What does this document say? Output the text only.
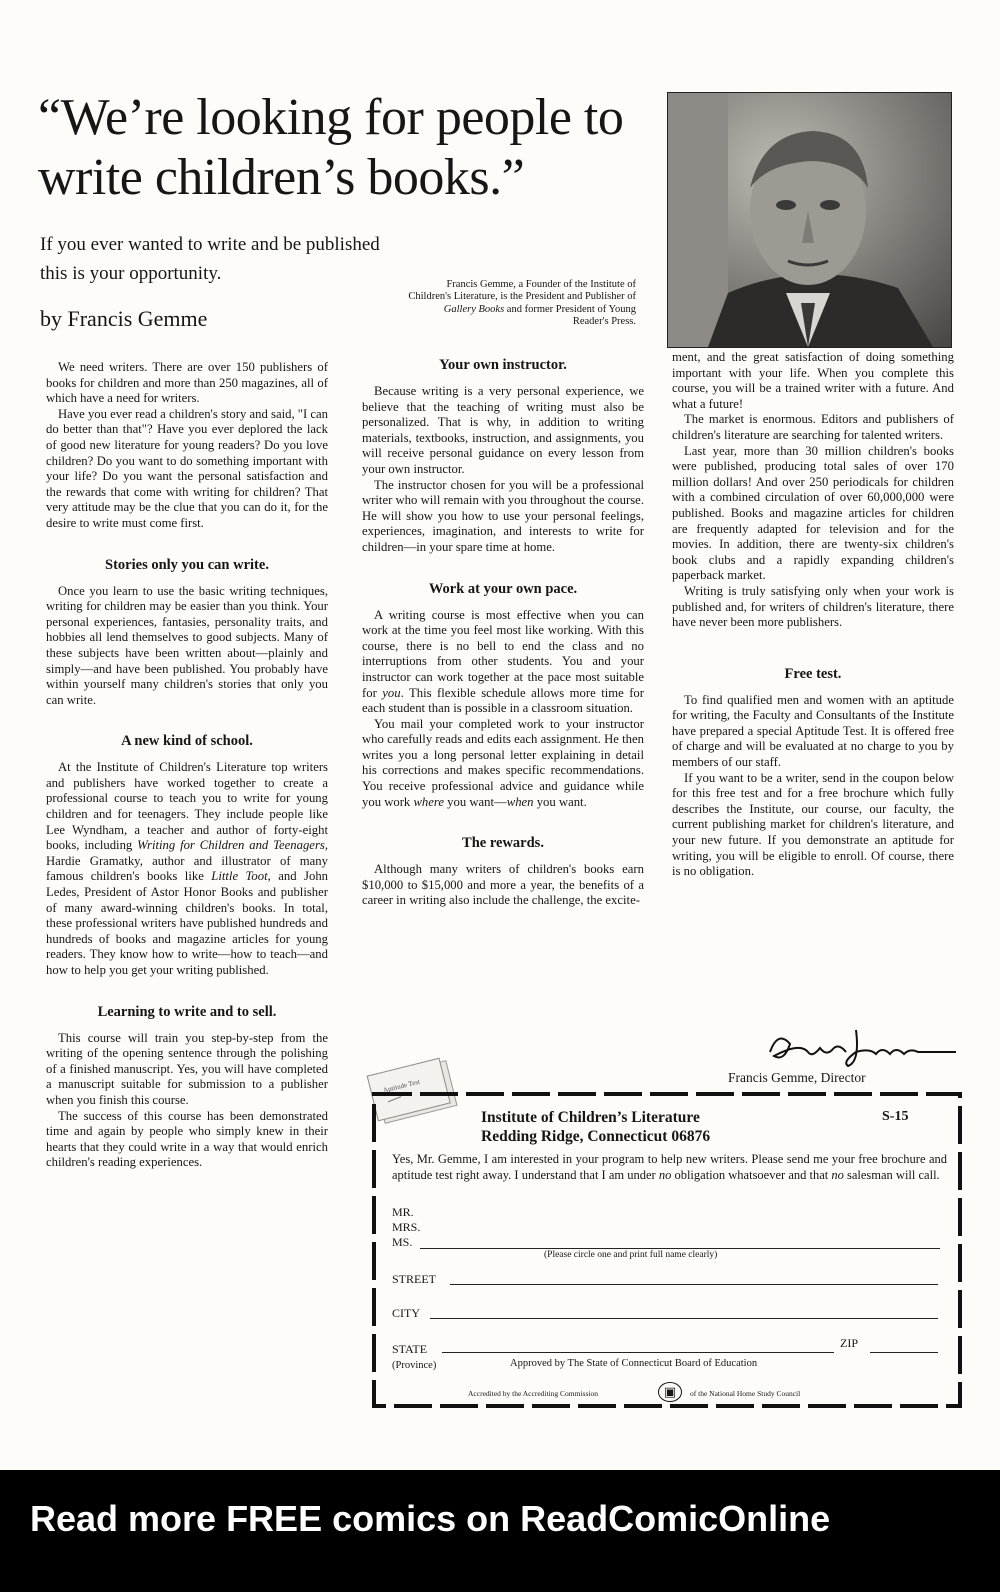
“We’re looking for people to write children’s books.”
If you ever wanted to write and be published this is your opportunity.
by Francis Gemme
Francis Gemme, a Founder of the Institute of Children's Literature, is the President and Publisher of Gallery Books and former President of Young Reader's Press.

We need writers. There are over 150 publishers of books for children and more than 250 magazines, all of which have a need for writers.

Have you ever read a children's story and said, "I can do better than that"? Have you ever deplored the lack of good new literature for young readers? Do you love children? Do you want to do something important with your life? Do you want the personal satisfaction and the rewards that come with writing for children? That very attitude may be the clue that you can do it, for the desire to write must come first.

Stories only you can write.

Once you learn to use the basic writing techniques, writing for children may be easier than you think. Your personal experiences, fantasies, personality traits, and hobbies all lend themselves to good subjects. Many of these subjects have been written about—plainly and simply—and have been published. You probably have within yourself many children's stories that only you can write.

A new kind of school.

At the Institute of Children's Literature top writers and publishers have worked together to create a professional course to teach you to write for young children and for teenagers. They include people like Lee Wyndham, a teacher and author of forty-eight books, including Writing for Children and Teenagers, Hardie Gramatky, author and illustrator of many famous children's books like Little Toot, and John Ledes, President of Astor Honor Books and publisher of many award-winning children's books. In total, these professional writers have published hundreds and hundreds of books and magazine articles for young readers. They know how to write—how to teach—and how to help you get your writing published.

Learning to write and to sell.

This course will train you step-by-step from the writing of the opening sentence through the polishing of a finished manuscript. Yes, you will have completed a manuscript suitable for submission to a publisher when you finish this course.

The success of this course has been demonstrated time and again by people who simply knew in their hearts that they could write in a way that would enrich children's reading experiences.

Your own instructor.

Because writing is a very personal experience, we believe that the teaching of writing must also be personalized. That is why, in addition to writing materials, textbooks, instruction, and assignments, you will receive personal guidance on every lesson from your own instructor.

The instructor chosen for you will be a professional writer who will remain with you throughout the course. He will show you how to use your personal feelings, experiences, imagination, and interests to write for children—in your spare time at home.

Work at your own pace.

A writing course is most effective when you can work at the time you feel most like working. With this course, there is no bell to end the class and no interruptions from other students. You and your instructor can work together at the pace most suitable for you. This flexible schedule allows more time for each student than is possible in a classroom situation.

You mail your completed work to your instructor who carefully reads and edits each assignment. He then writes you a long personal letter explaining in detail his corrections and makes specific recommendations. You receive professional advice and guidance while you work where you want—when you want.

The rewards.

Although many writers of children's books earn $10,000 to $15,000 and more a year, the benefits of a career in writing also include the challenge, the excite-

ment, and the great satisfaction of doing something important with your life. When you complete this course, you will be a trained writer with a future. And what a future!

The market is enormous. Editors and publishers of children's literature are searching for talented writers.

Last year, more than 30 million children's books were published, producing total sales of over 170 million dollars! And over 250 periodicals for children with a combined circulation of over 60,000,000 were published. Books and magazine articles for children are frequently adapted for television and for the movies. In addition, there are twenty-six children's book clubs and a rapidly expanding children's paperback market.

Writing is truly satisfying only when your work is published and, for writers of children's literature, there have never been more publishers.

Free test.

To find qualified men and women with an aptitude for writing, the Faculty and Consultants of the Institute have prepared a special Aptitude Test. It is offered free of charge and will be evaluated at no charge to you by members of our staff.

If you want to be a writer, send in the coupon below for this free test and for a free brochure which fully describes the Institute, our course, our faculty, the current publishing market for children's literature, and your new future. If you demonstrate an aptitude for writing, you will be eligible to enroll. Of course, there is no obligation.

Francis Gemme, Director
Aptitude Test
Institute of Children’s Literature
Redding Ridge, Connecticut 06876
S-15
Yes, Mr. Gemme, I am interested in your program to help new writers. Please send me your free brochure and aptitude test right away. I understand that I am under no obligation whatsoever and that no salesman will call.
MR.
MRS.
MS.
(Please circle one and print full name clearly)
STREET
CITY
STATE	ZIP
(Province)	Approved by The State of Connecticut Board of Education
Accredited by the Accrediting Commission	▣	of the National Home Study Council
Read more FREE comics on ReadComicOnline
